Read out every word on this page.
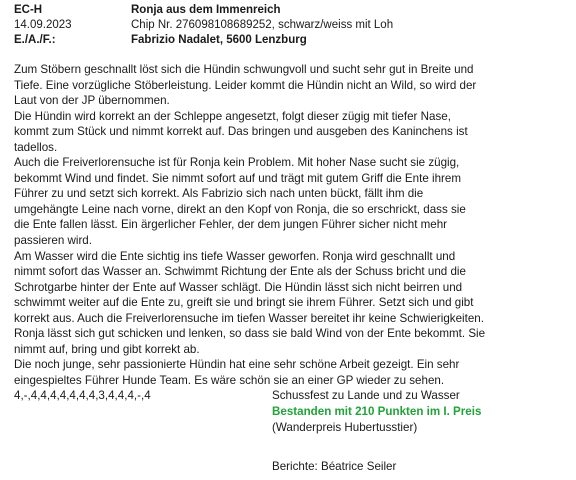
EC-H	Ronja aus dem Immenreich
14.09.2023	Chip Nr. 276098108689252, schwarz/weiss mit Loh
E./A./F.:	Fabrizio Nadalet, 5600 Lenzburg

Zum Stöbern geschnallt löst sich die Hündin schwungvoll und sucht sehr gut in Breite und

Tiefe. Eine vorzügliche Stöberleistung. Leider kommt die Hündin nicht an Wild, so wird der

Laut von der JP übernommen.

Die Hündin wird korrekt an der Schleppe angesetzt, folgt dieser zügig mit tiefer Nase,

kommt zum Stück und nimmt korrekt auf. Das bringen und ausgeben des Kaninchens ist

tadellos.

Auch die Freiverlorensuche ist für Ronja kein Problem. Mit hoher Nase sucht sie zügig,

bekommt Wind und findet. Sie nimmt sofort auf und trägt mit gutem Griff die Ente ihrem

Führer zu und setzt sich korrekt. Als Fabrizio sich nach unten bückt, fällt ihm die

umgehängte Leine nach vorne, direkt an den Kopf von Ronja, die so erschrickt, dass sie

die Ente fallen lässt. Ein ärgerlicher Fehler, der dem jungen Führer sicher nicht mehr

passieren wird.

Am Wasser wird die Ente sichtig ins tiefe Wasser geworfen. Ronja wird geschnallt und

nimmt sofort das Wasser an. Schwimmt Richtung der Ente als der Schuss bricht und die

Schrotgarbe hinter der Ente auf Wasser schlägt. Die Hündin lässt sich nicht beirren und

schwimmt weiter auf die Ente zu, greift sie und bringt sie ihrem Führer. Setzt sich und gibt

korrekt aus. Auch die Freiverlorensuche im tiefen Wasser bereitet ihr keine Schwierigkeiten.

Ronja lässt sich gut schicken und lenken, so dass sie bald Wind von der Ente bekommt. Sie

nimmt auf, bring und gibt korrekt ab.

Die noch junge, sehr passionierte Hündin hat eine sehr schöne Arbeit gezeigt. Ein sehr

eingespieltes Führer Hunde Team. Es wäre schön sie an einer GP wieder zu sehen.

4,-,4,4,4,4,4,4,4,3,4,4,4,-,4	Schussfest zu Lande und zu Wasser
Bestanden mit 210 Punkten im I. Preis
(Wanderpreis Hubertusstier)
Berichte: Béatrice Seiler
